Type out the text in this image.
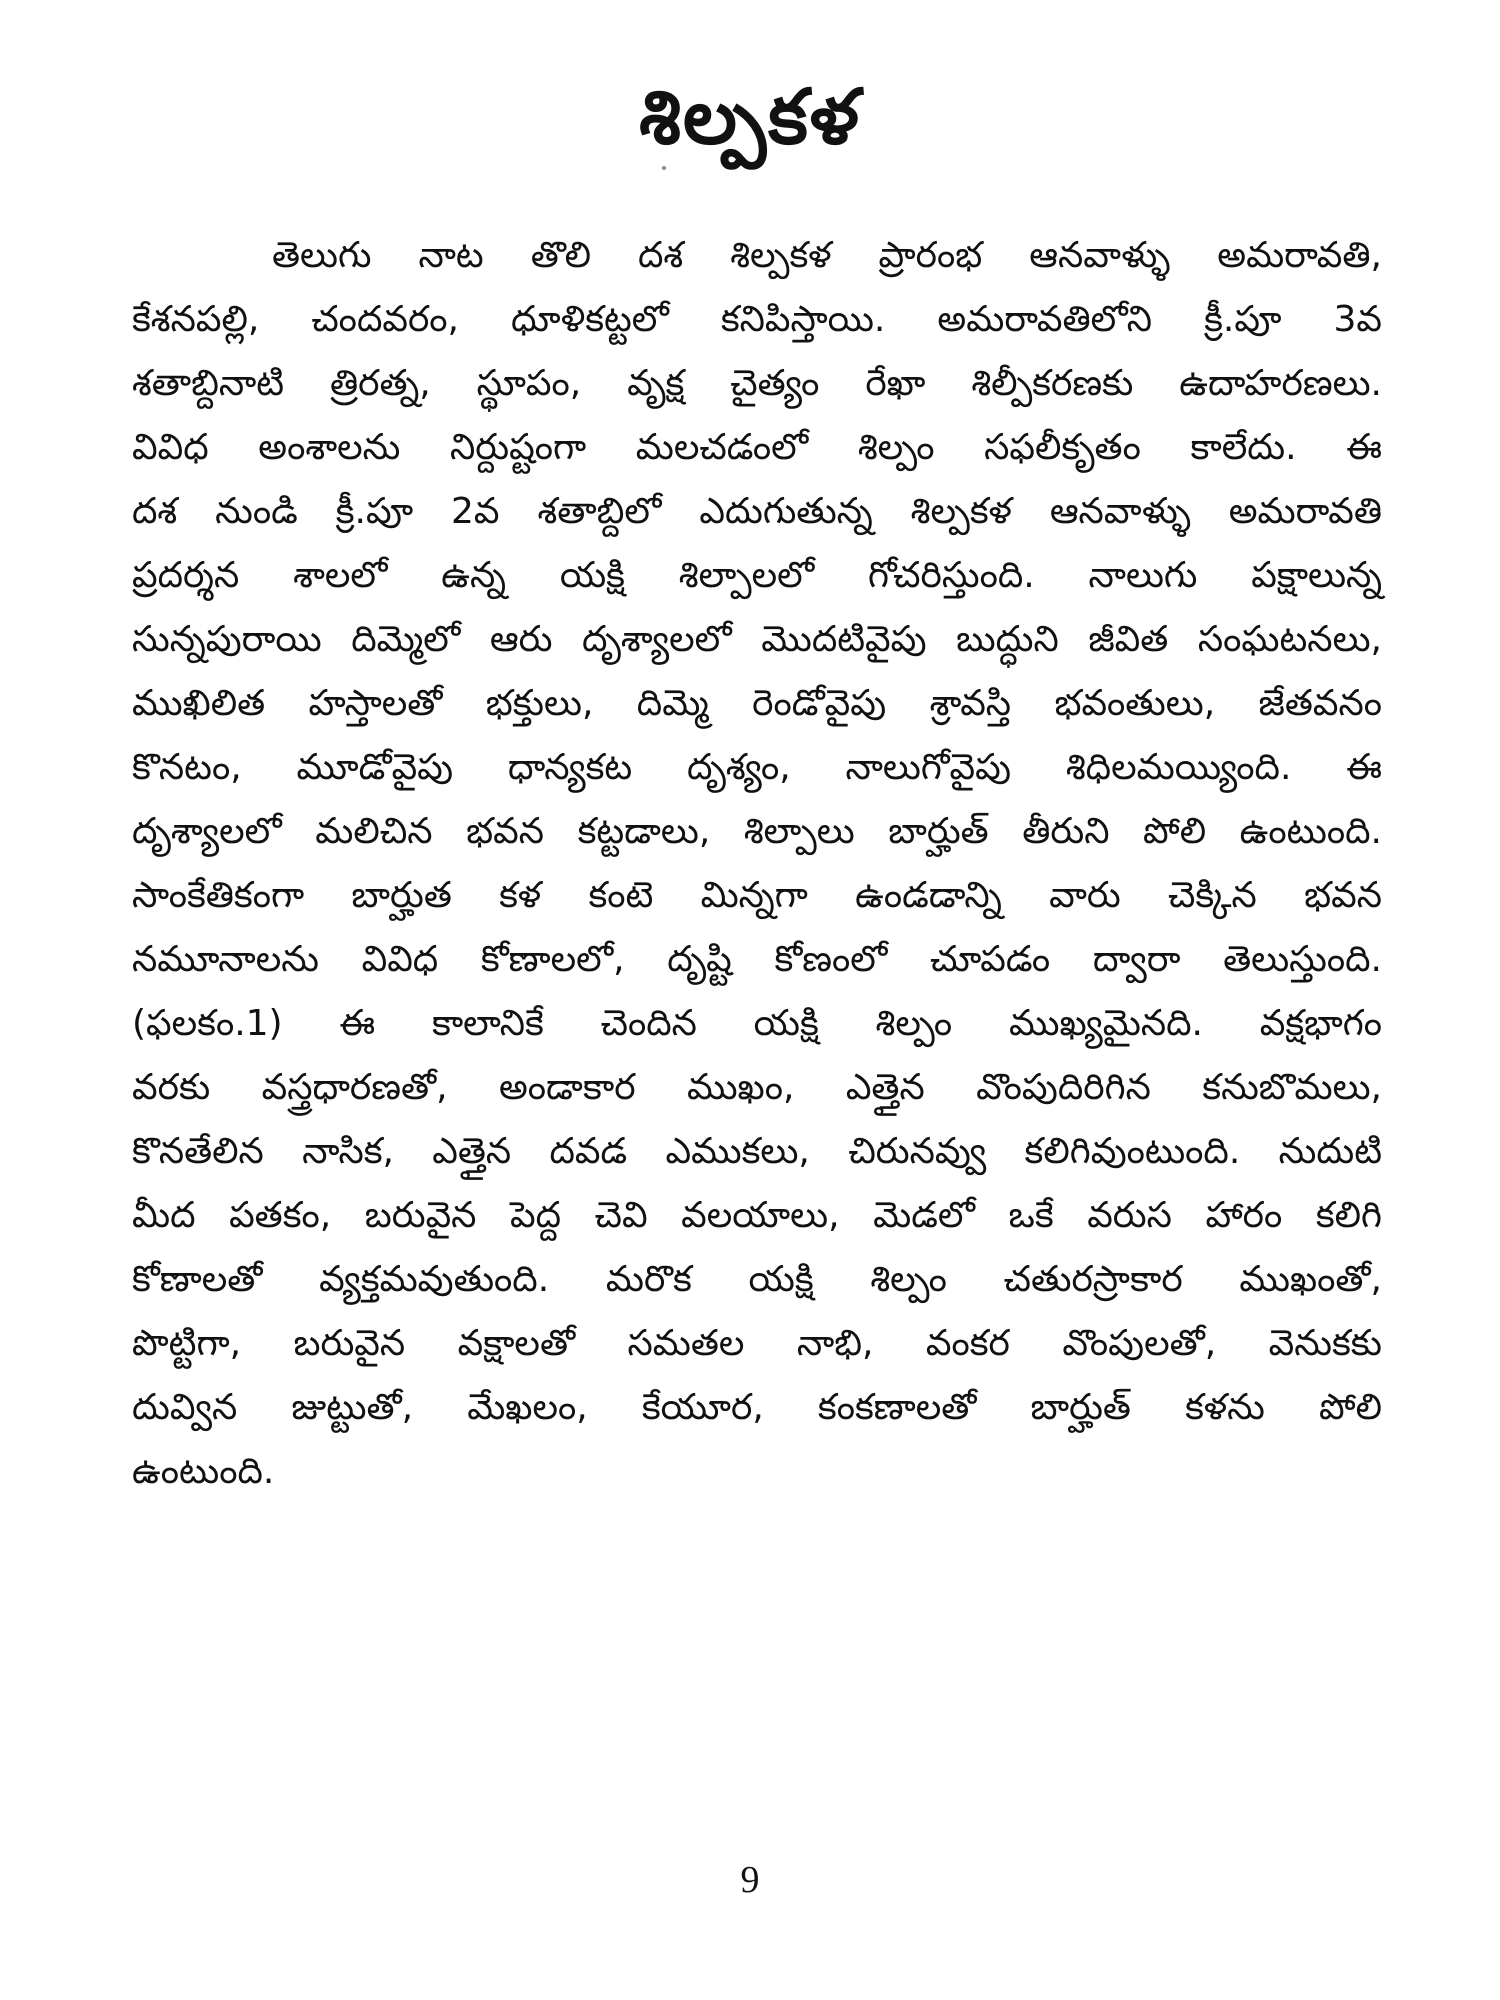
శిల్పకళ
తెలుగు నాట తొలి దశ శిల్పకళ ప్రారంభ ఆనవాళ్ళు అమరావతి,
కేశనపల్లి, చందవరం, ధూళికట్టలో కనిపిస్తాయి. అమరావతిలోని క్రీ.పూ 3వ
శతాబ్దినాటి త్రిరత్న, స్థూపం, వృక్ష చైత్యం రేఖా శిల్పీకరణకు ఉదాహరణలు.
వివిధ అంశాలను నిర్దుష్టంగా మలచడంలో శిల్పం సఫలీకృతం కాలేదు. ఈ
దశ నుండి క్రీ.పూ 2వ శతాబ్దిలో ఎదుగుతున్న శిల్పకళ ఆనవాళ్ళు అమరావతి
ప్రదర్శన శాలలో ఉన్న యక్షి శిల్పాలలో గోచరిస్తుంది. నాలుగు పక్షాలున్న
సున్నపురాయి దిమ్మెలో ఆరు దృశ్యాలలో మొదటివైపు బుద్ధుని జీవిత సంఘటనలు,
ముఖిలిత హస్తాలతో భక్తులు, దిమ్మె రెండోవైపు శ్రావస్తి భవంతులు, జేతవనం
కొనటం, మూడోవైపు ధాన్యకట దృశ్యం, నాలుగోవైపు శిధిలమయ్యింది. ఈ
దృశ్యాలలో మలిచిన భవన కట్టడాలు, శిల్పాలు బార్హుత్ తీరుని పోలి ఉంటుంది.
సాంకేతికంగా బార్హుత కళ కంటె మిన్నగా ఉండడాన్ని వారు చెక్కిన భవన
నమూనాలను వివిధ కోణాలలో, దృష్టి కోణంలో చూపడం ద్వారా తెలుస్తుంది.
(ఫలకం.1) ఈ కాలానికే చెందిన యక్షి శిల్పం ముఖ్యమైనది. వక్షభాగం
వరకు వస్త్రధారణతో, అండాకార ముఖం, ఎత్తైన వొంపుదిరిగిన కనుబొమలు,
కొనతేలిన నాసిక, ఎత్తైన దవడ ఎముకలు, చిరునవ్వు కలిగివుంటుంది. నుదుటి
మీద పతకం, బరువైన పెద్ద చెవి వలయాలు, మెడలో ఒకే వరుస హారం కలిగి
కోణాలతో వ్యక్తమవుతుంది. మరొక యక్షి శిల్పం చతురస్రాకార ముఖంతో,
పొట్టిగా, బరువైన వక్షాలతో సమతల నాభి, వంకర వొంపులతో, వెనుకకు
దువ్విన జుట్టుతో, మేఖలం, కేయూర, కంకణాలతో బార్హుత్ కళను పోలి
ఉంటుంది.
9
